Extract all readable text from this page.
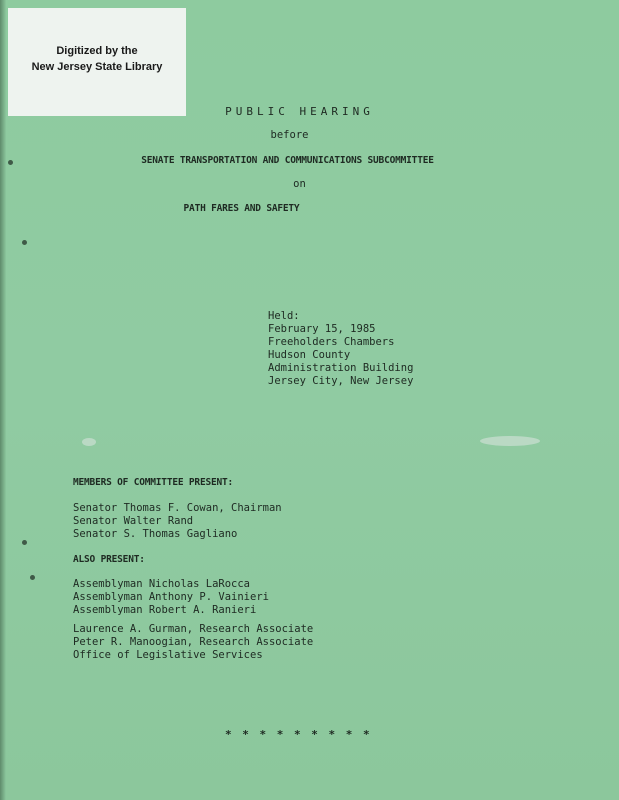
Digitized by the
New Jersey State Library
PUBLIC HEARING
before
SENATE TRANSPORTATION AND COMMUNICATIONS SUBCOMMITTEE
on
PATH FARES AND SAFETY
Held:
February 15, 1985
Freeholders Chambers
Hudson County
Administration Building
Jersey City, New Jersey
MEMBERS OF COMMITTEE PRESENT:
Senator Thomas F. Cowan, Chairman
Senator Walter Rand
Senator S. Thomas Gagliano
ALSO PRESENT:
Assemblyman Nicholas LaRocca
Assemblyman Anthony P. Vainieri
Assemblyman Robert A. Ranieri
Laurence A. Gurman, Research Associate
Peter R. Manoogian, Research Associate
Office of Legislative Services
* * * * * * * * *
